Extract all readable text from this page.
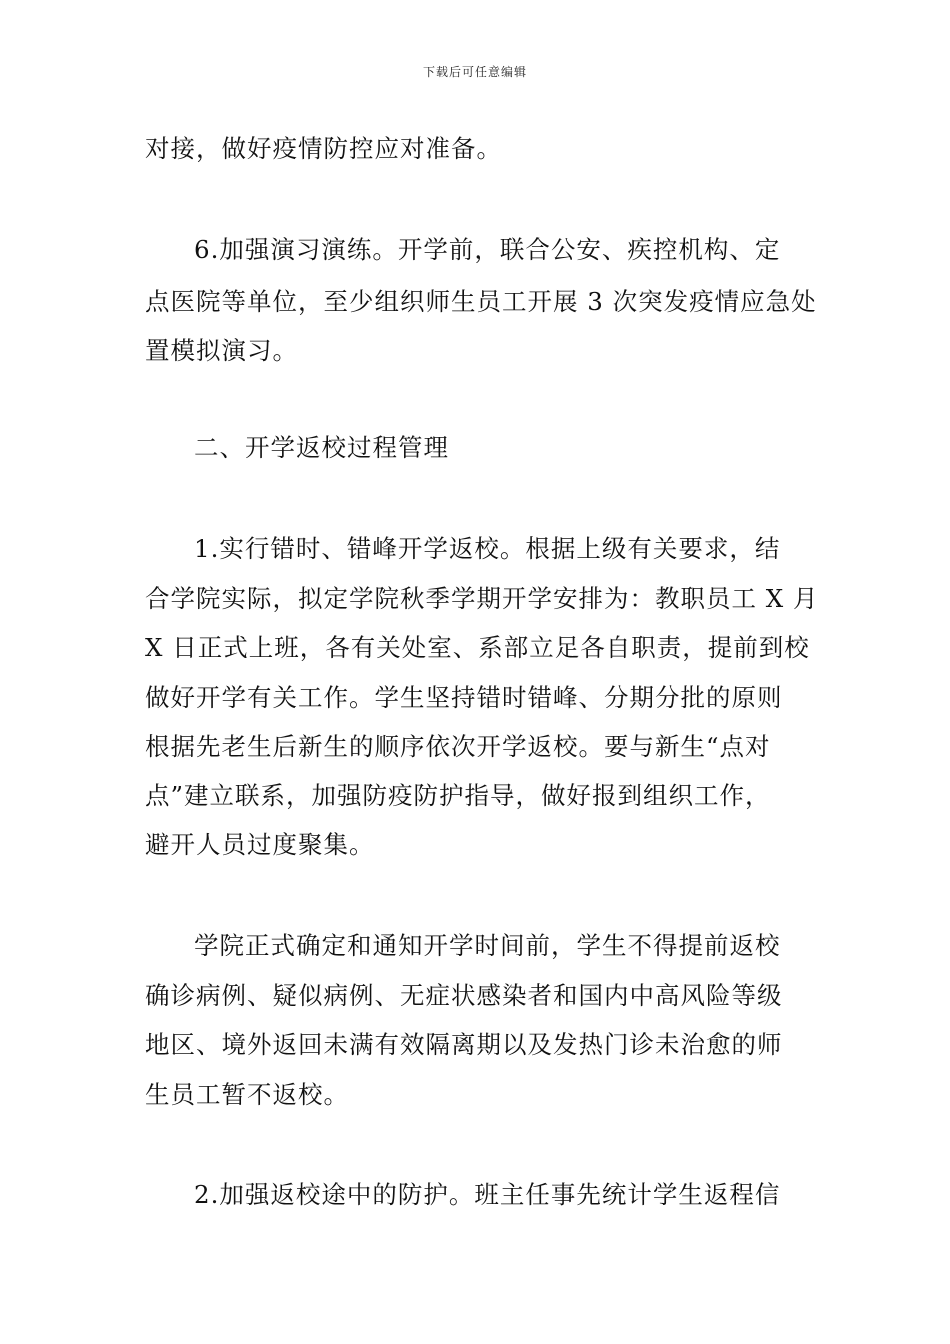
下载后可任意编辑
对接，做好疫情防控应对准备。
6.加强演习演练。开学前，联合公安、疾控机构、定
点医院等单位，至少组织师生员工开展 3 次突发疫情应急处
置模拟演习。
二、开学返校过程管理
1.实行错时、错峰开学返校。根据上级有关要求，结
合学院实际，拟定学院秋季学期开学安排为：教职员工 X 月
X 日正式上班，各有关处室、系部立足各自职责，提前到校
做好开学有关工作。学生坚持错时错峰、分期分批的原则
根据先老生后新生的顺序依次开学返校。要与新生“点对
点”建立联系，加强防疫防护指导，做好报到组织工作，
避开人员过度聚集。
学院正式确定和通知开学时间前，学生不得提前返校
确诊病例、疑似病例、无症状感染者和国内中高风险等级
地区、境外返回未满有效隔离期以及发热门诊未治愈的师
生员工暂不返校。
2.加强返校途中的防护。班主任事先统计学生返程信
